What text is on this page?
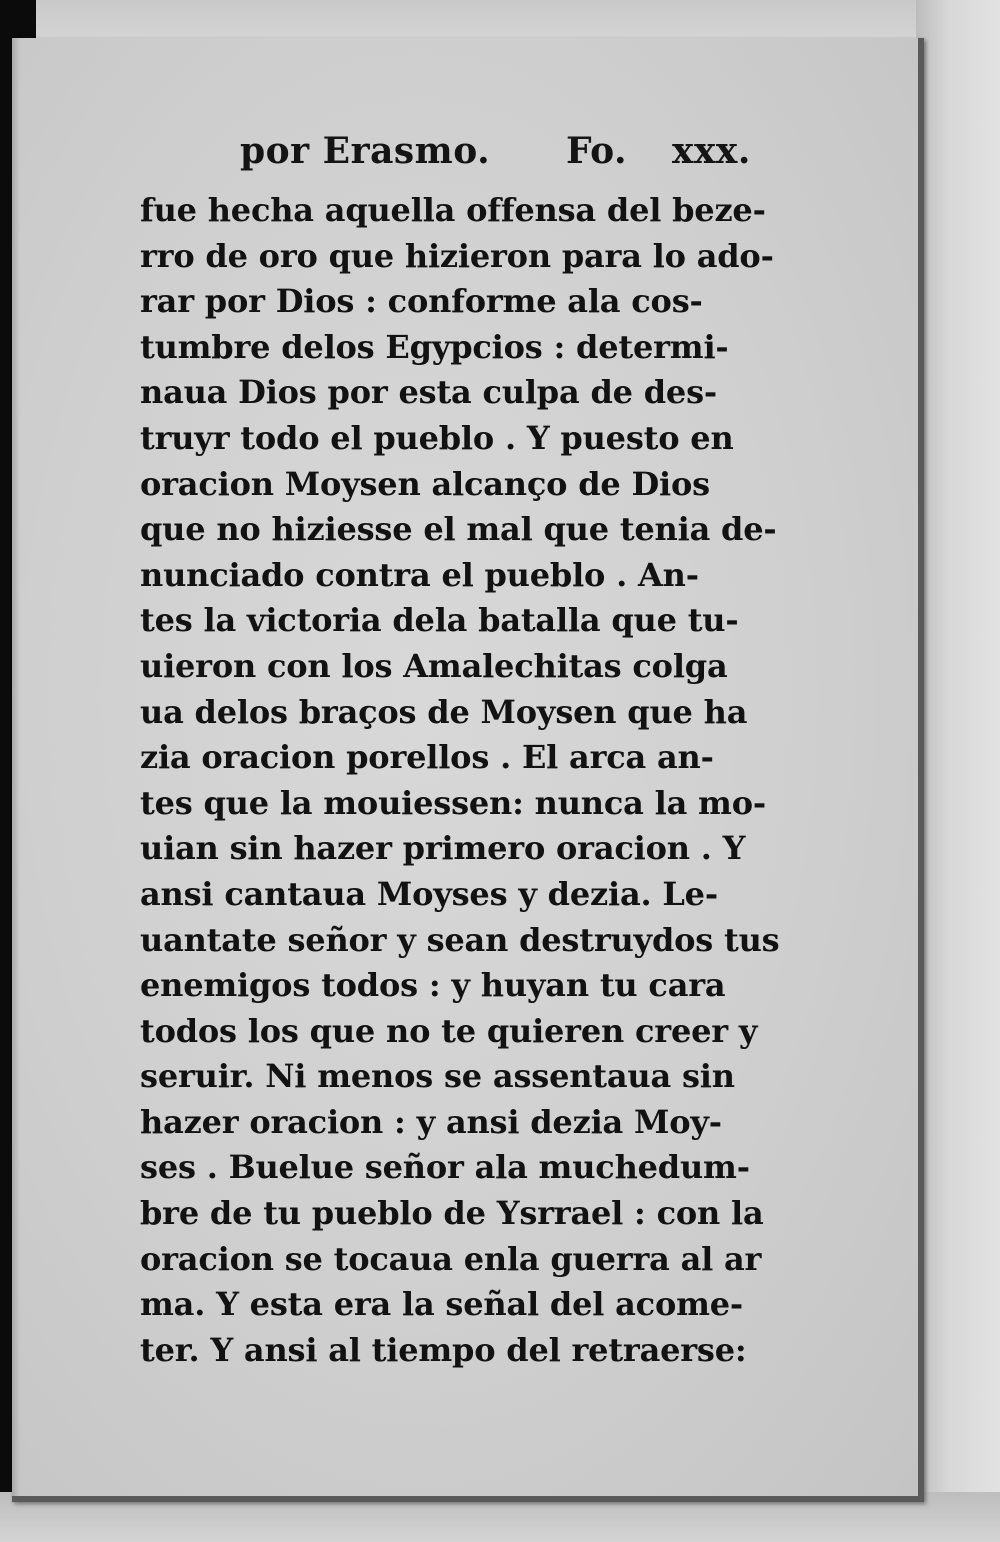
por Erasmo. Fo. xxx.
fue hecha aquella offensa del beze-
rro de oro que hizieron para lo ado-
rar por Dios : conforme ala cos-
tumbre delos Egypcios : determi-
naua Dios por esta culpa de des-
truyr todo el pueblo . Y puesto en
oracion Moysen alcanço de Dios
que no hiziesse el mal que tenia de-
nunciado contra el pueblo . An-
tes la victoria dela batalla que tu-
uieron con los Amalechitas colga
ua delos braços de Moysen que ha
zia oracion porellos . El arca an-
tes que la mouiessen: nunca la mo-
uian sin hazer primero oracion . Y
ansi cantaua Moyses y dezia. Le-
uantate señor y sean destruydos tus
enemigos todos : y huyan tu cara
todos los que no te quieren creer y
seruir. Ni menos se assentaua sin
hazer oracion : y ansi dezia Moy-
ses . Buelue señor ala muchedum-
bre de tu pueblo de Ysrrael : con la
oracion se tocaua enla guerra al ar
ma. Y esta era la señal del acome-
ter. Y ansi al tiempo del retraerse:
